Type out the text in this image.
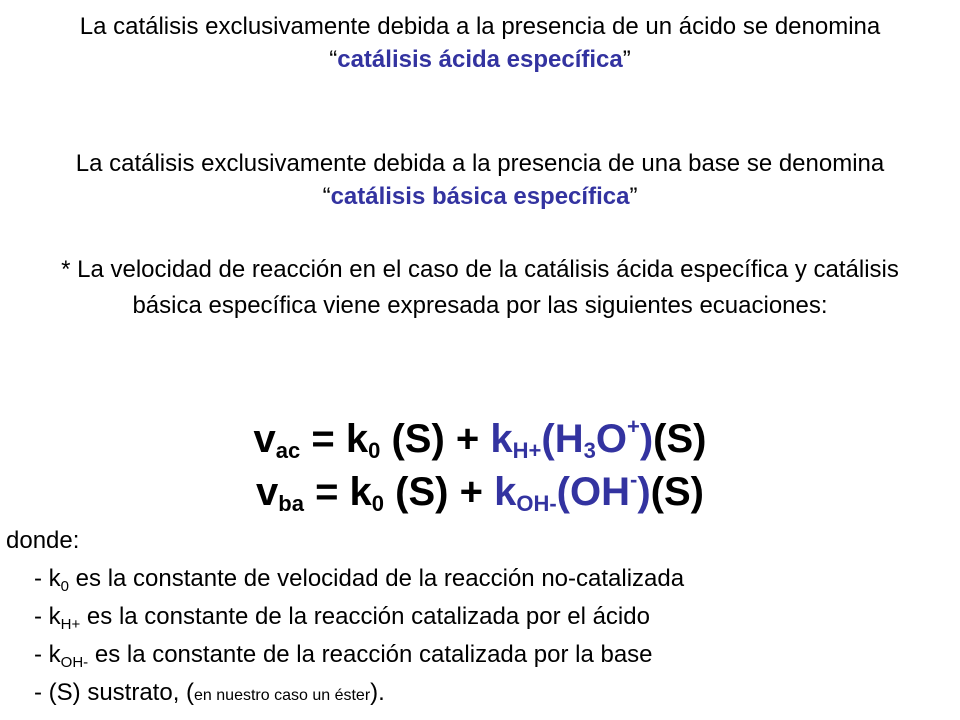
La catálisis exclusivamente debida a la presencia de un ácido se denomina “catálisis ácida específica”
La catálisis exclusivamente debida a la presencia de una base se denomina “catálisis básica específica”
* La velocidad de reacción en el caso de la catálisis ácida específica y catálisis básica específica viene expresada por las siguientes ecuaciones:
$v_{ac} = k_0$ $(S) + k_{H+}(H_3O^+)(S)$
$v_{ba} = k_0$ $(S) + k_{OH-}(OH^-)(S)$
donde:
- $k_0$ es la constante de velocidad de la reacción no-catalizada
- $k_{H+}$ es la constante de la reacción catalizada por el ácido
- $k_{OH-}$ es la constante de la reacción catalizada por la base
- (S) sustrato, (en nuestro caso un éster).
